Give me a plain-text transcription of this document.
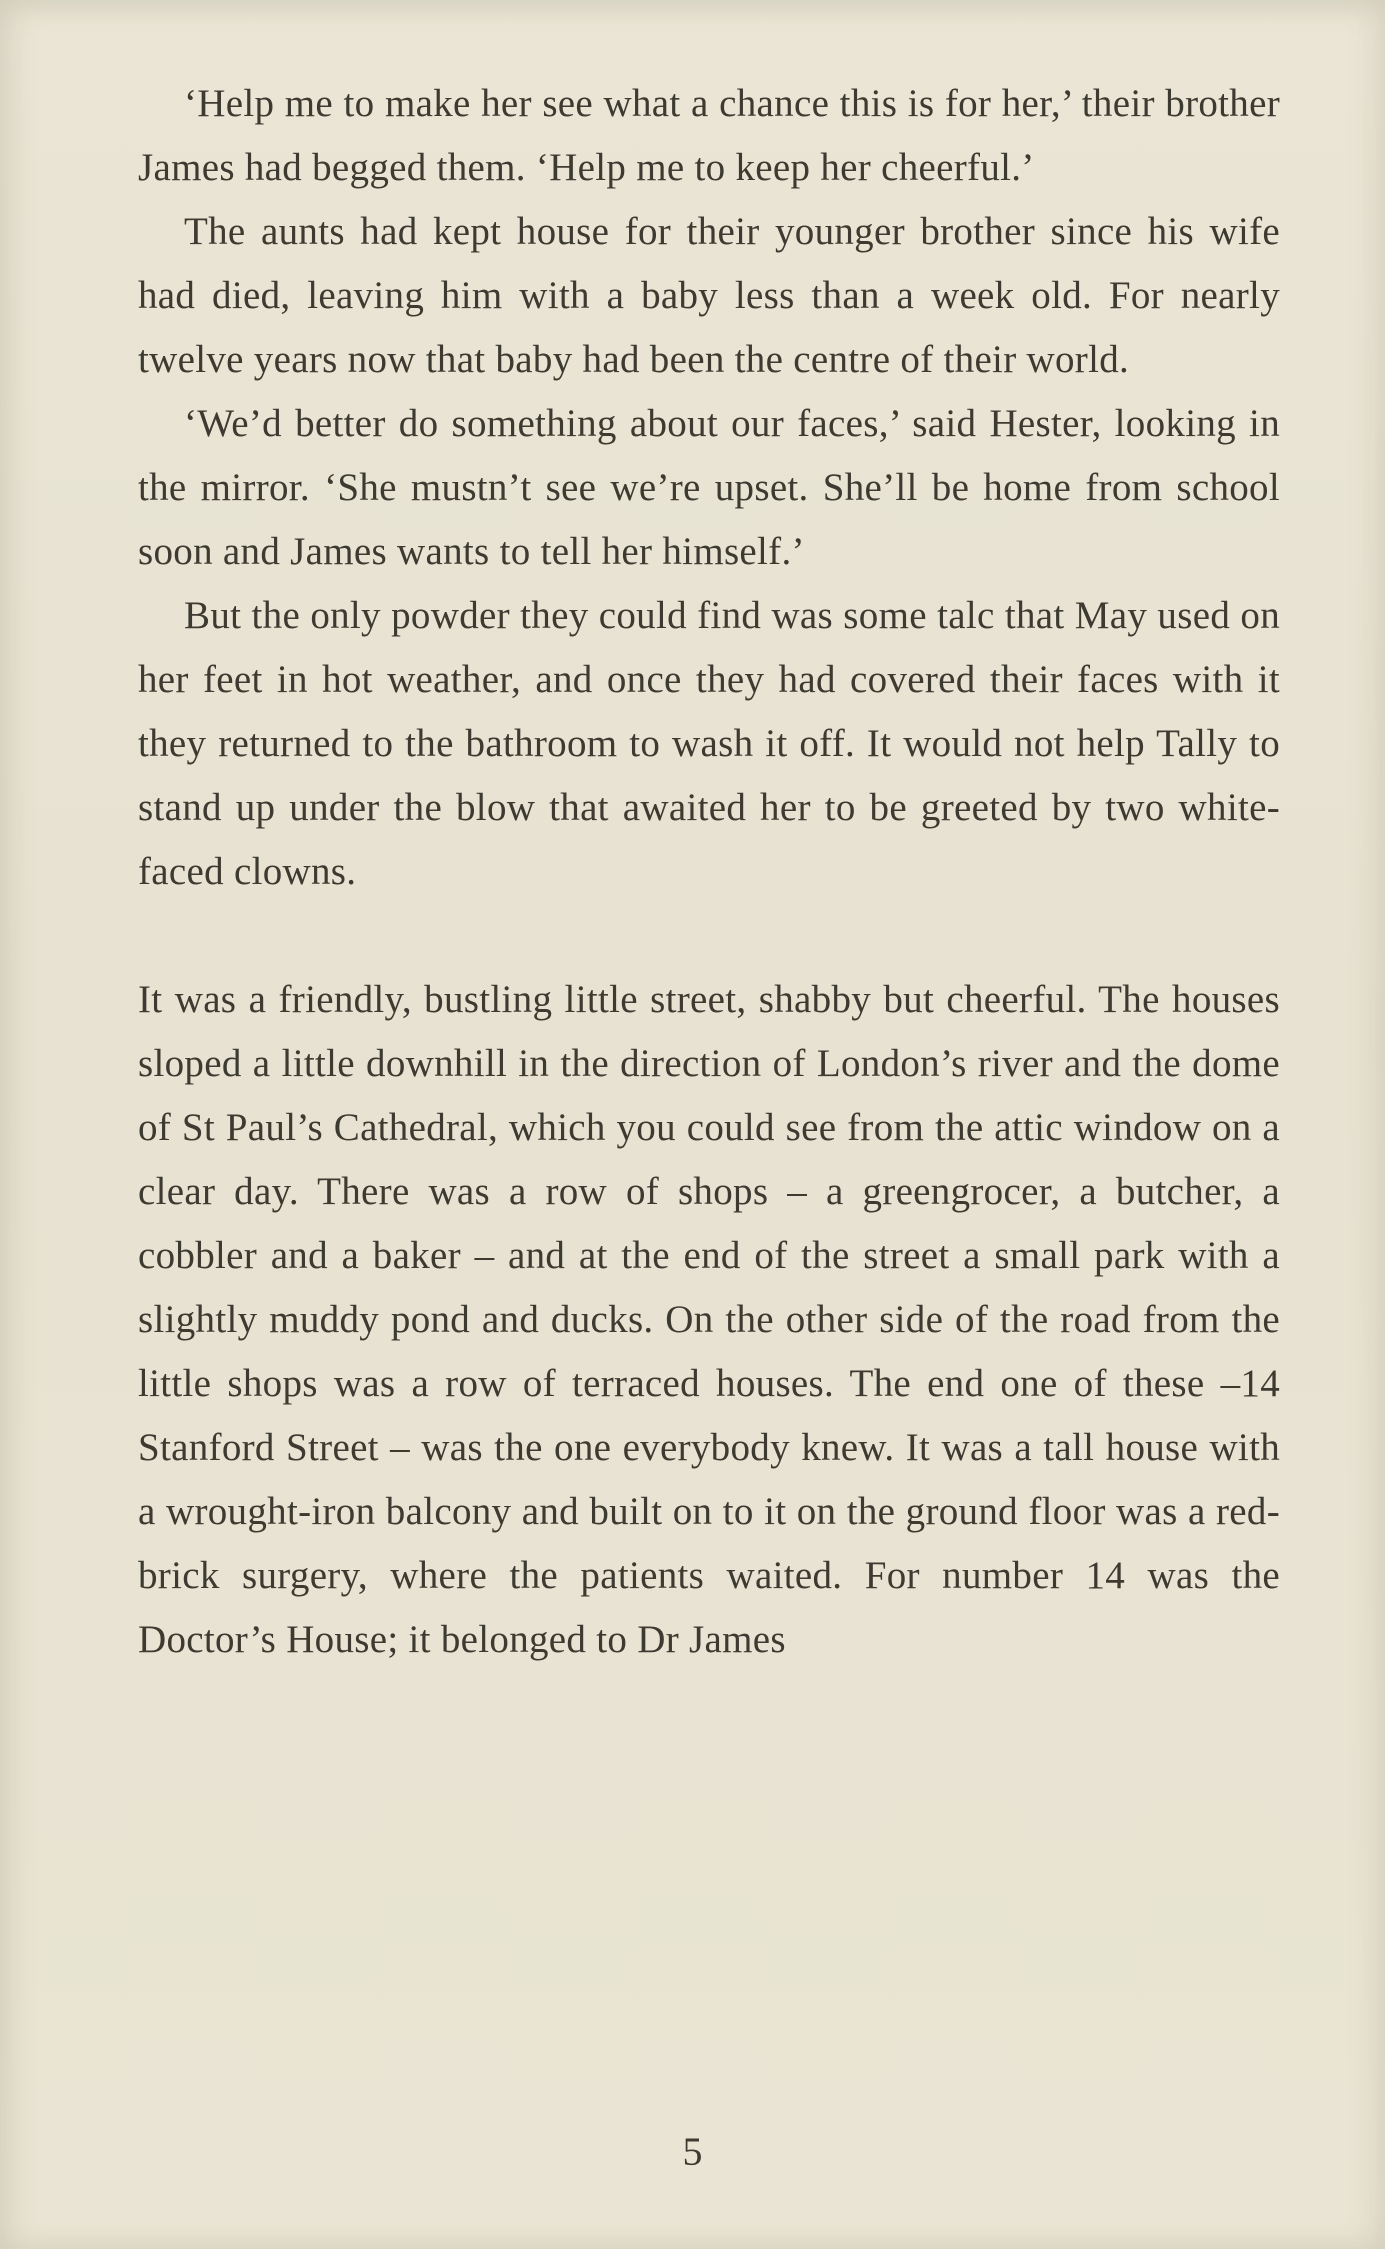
‘Help me to make her see what a chance this is for her,’ their brother James had begged them. ‘Help me to keep her cheerful.’

The aunts had kept house for their younger brother since his wife had died, leaving him with a baby less than a week old. For nearly twelve years now that baby had been the centre of their world.

‘We’d better do something about our faces,’ said Hester, looking in the mirror. ‘She mustn’t see we’re upset. She’ll be home from school soon and James wants to tell her himself.’

But the only powder they could find was some talc that May used on her feet in hot weather, and once they had covered their faces with it they returned to the bathroom to wash it off. It would not help Tally to stand up under the blow that awaited her to be greeted by two white-faced clowns.

It was a friendly, bustling little street, shabby but cheerful. The houses sloped a little downhill in the direction of London’s river and the dome of St Paul’s Cathedral, which you could see from the attic window on a clear day. There was a row of shops – a greengrocer, a butcher, a cobbler and a baker – and at the end of the street a small park with a slightly muddy pond and ducks. On the other side of the road from the little shops was a row of terraced houses. The end one of these –14 Stanford Street – was the one everybody knew. It was a tall house with a wrought-iron balcony and built on to it on the ground floor was a red-brick surgery, where the patients waited. For number 14 was the Doctor’s House; it belonged to Dr James

5
